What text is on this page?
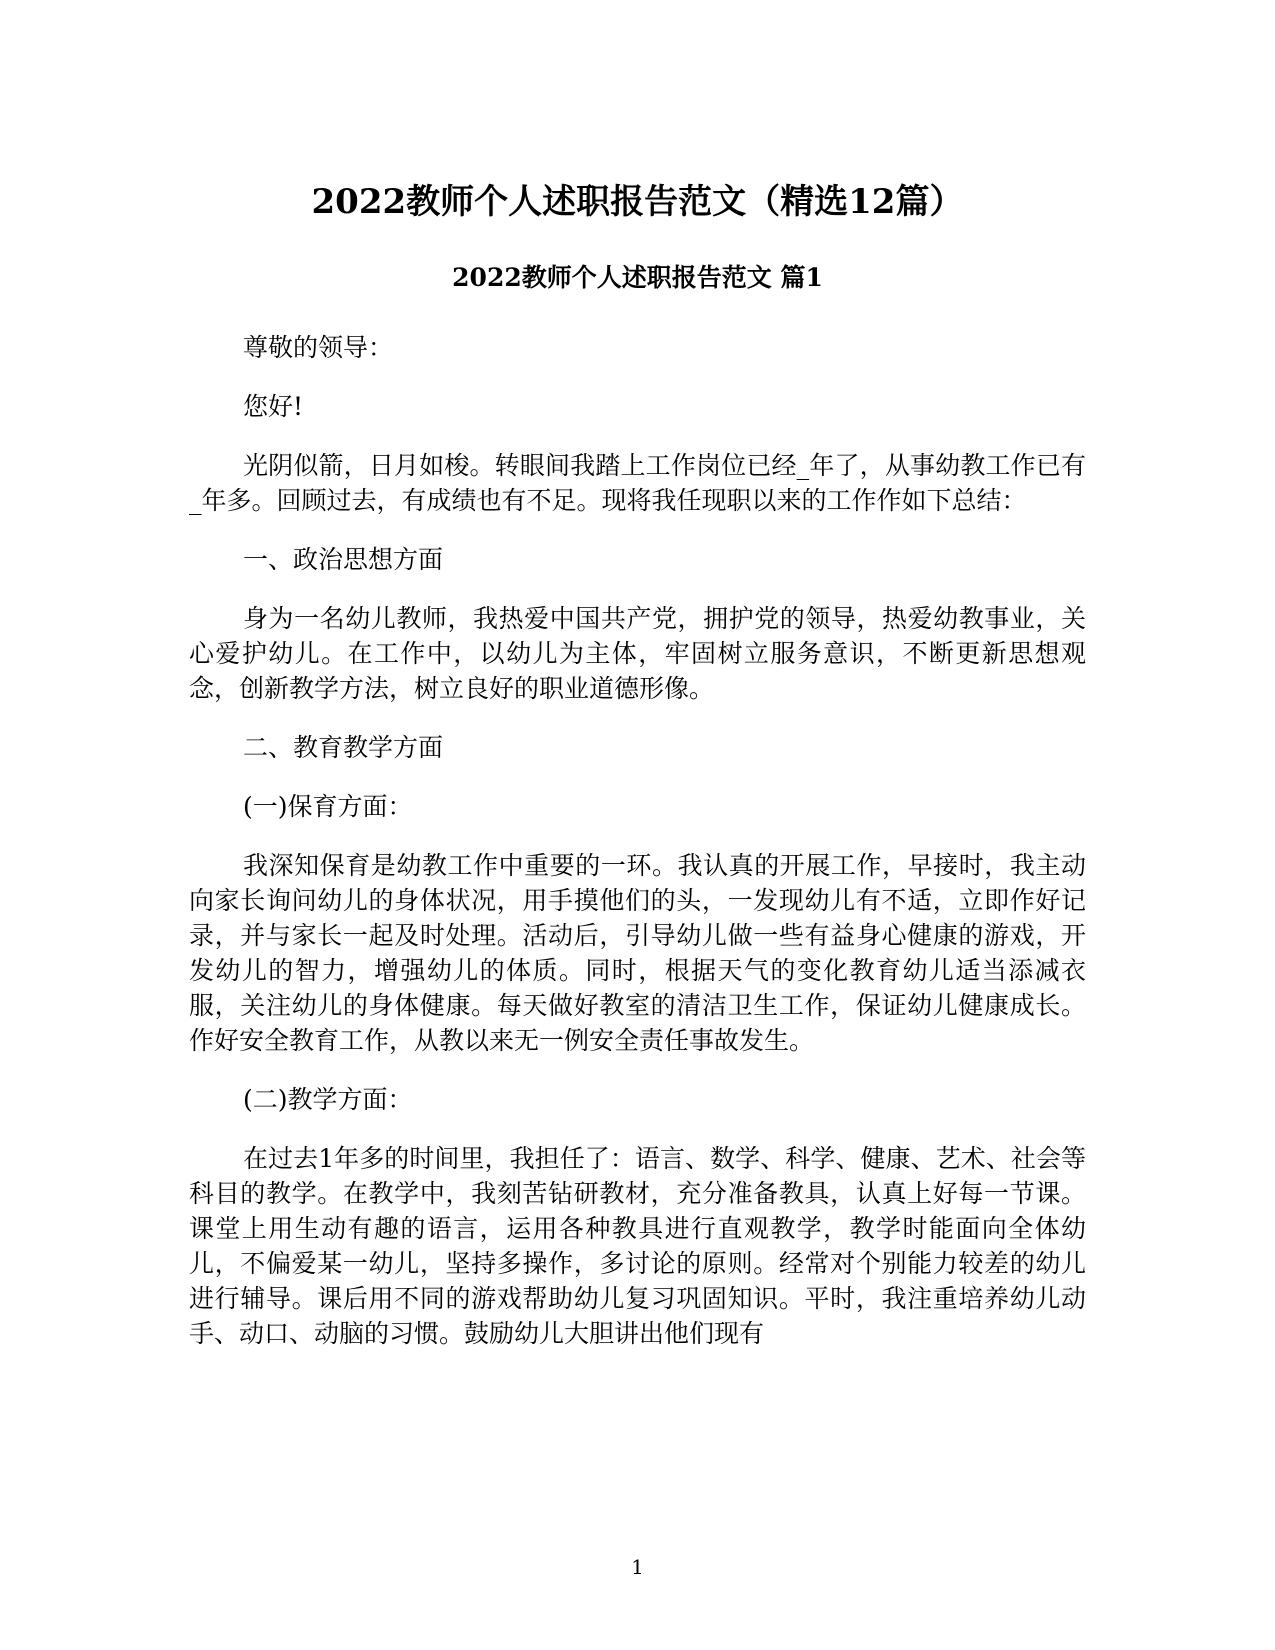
2022教师个人述职报告范文（精选12篇）
2022教师个人述职报告范文 篇1

尊敬的领导：

您好!

光阴似箭，日月如梭。转眼间我踏上工作岗位已经_年了，从事幼教工作已有_年多。回顾过去，有成绩也有不足。现将我任现职以来的工作作如下总结：

一、政治思想方面

身为一名幼儿教师，我热爱中国共产党，拥护党的领导，热爱幼教事业，关心爱护幼儿。在工作中，以幼儿为主体，牢固树立服务意识，不断更新思想观念，创新教学方法，树立良好的职业道德形像。

二、教育教学方面

(一)保育方面：

我深知保育是幼教工作中重要的一环。我认真的开展工作，早接时，我主动向家长询问幼儿的身体状况，用手摸他们的头，一发现幼儿有不适，立即作好记录，并与家长一起及时处理。活动后，引导幼儿做一些有益身心健康的游戏，开发幼儿的智力，增强幼儿的体质。同时，根据天气的变化教育幼儿适当添减衣服，关注幼儿的身体健康。每天做好教室的清洁卫生工作，保证幼儿健康成长。作好安全教育工作，从教以来无一例安全责任事故发生。

(二)教学方面：

在过去1年多的时间里，我担任了：语言、数学、科学、健康、艺术、社会等科目的教学。在教学中，我刻苦钻研教材，充分准备教具，认真上好每一节课。课堂上用生动有趣的语言，运用各种教具进行直观教学，教学时能面向全体幼儿，不偏爱某一幼儿，坚持多操作，多讨论的原则。经常对个别能力较差的幼儿进行辅导。课后用不同的游戏帮助幼儿复习巩固知识。平时，我注重培养幼儿动手、动口、动脑的习惯。鼓励幼儿大胆讲出他们现有

1
